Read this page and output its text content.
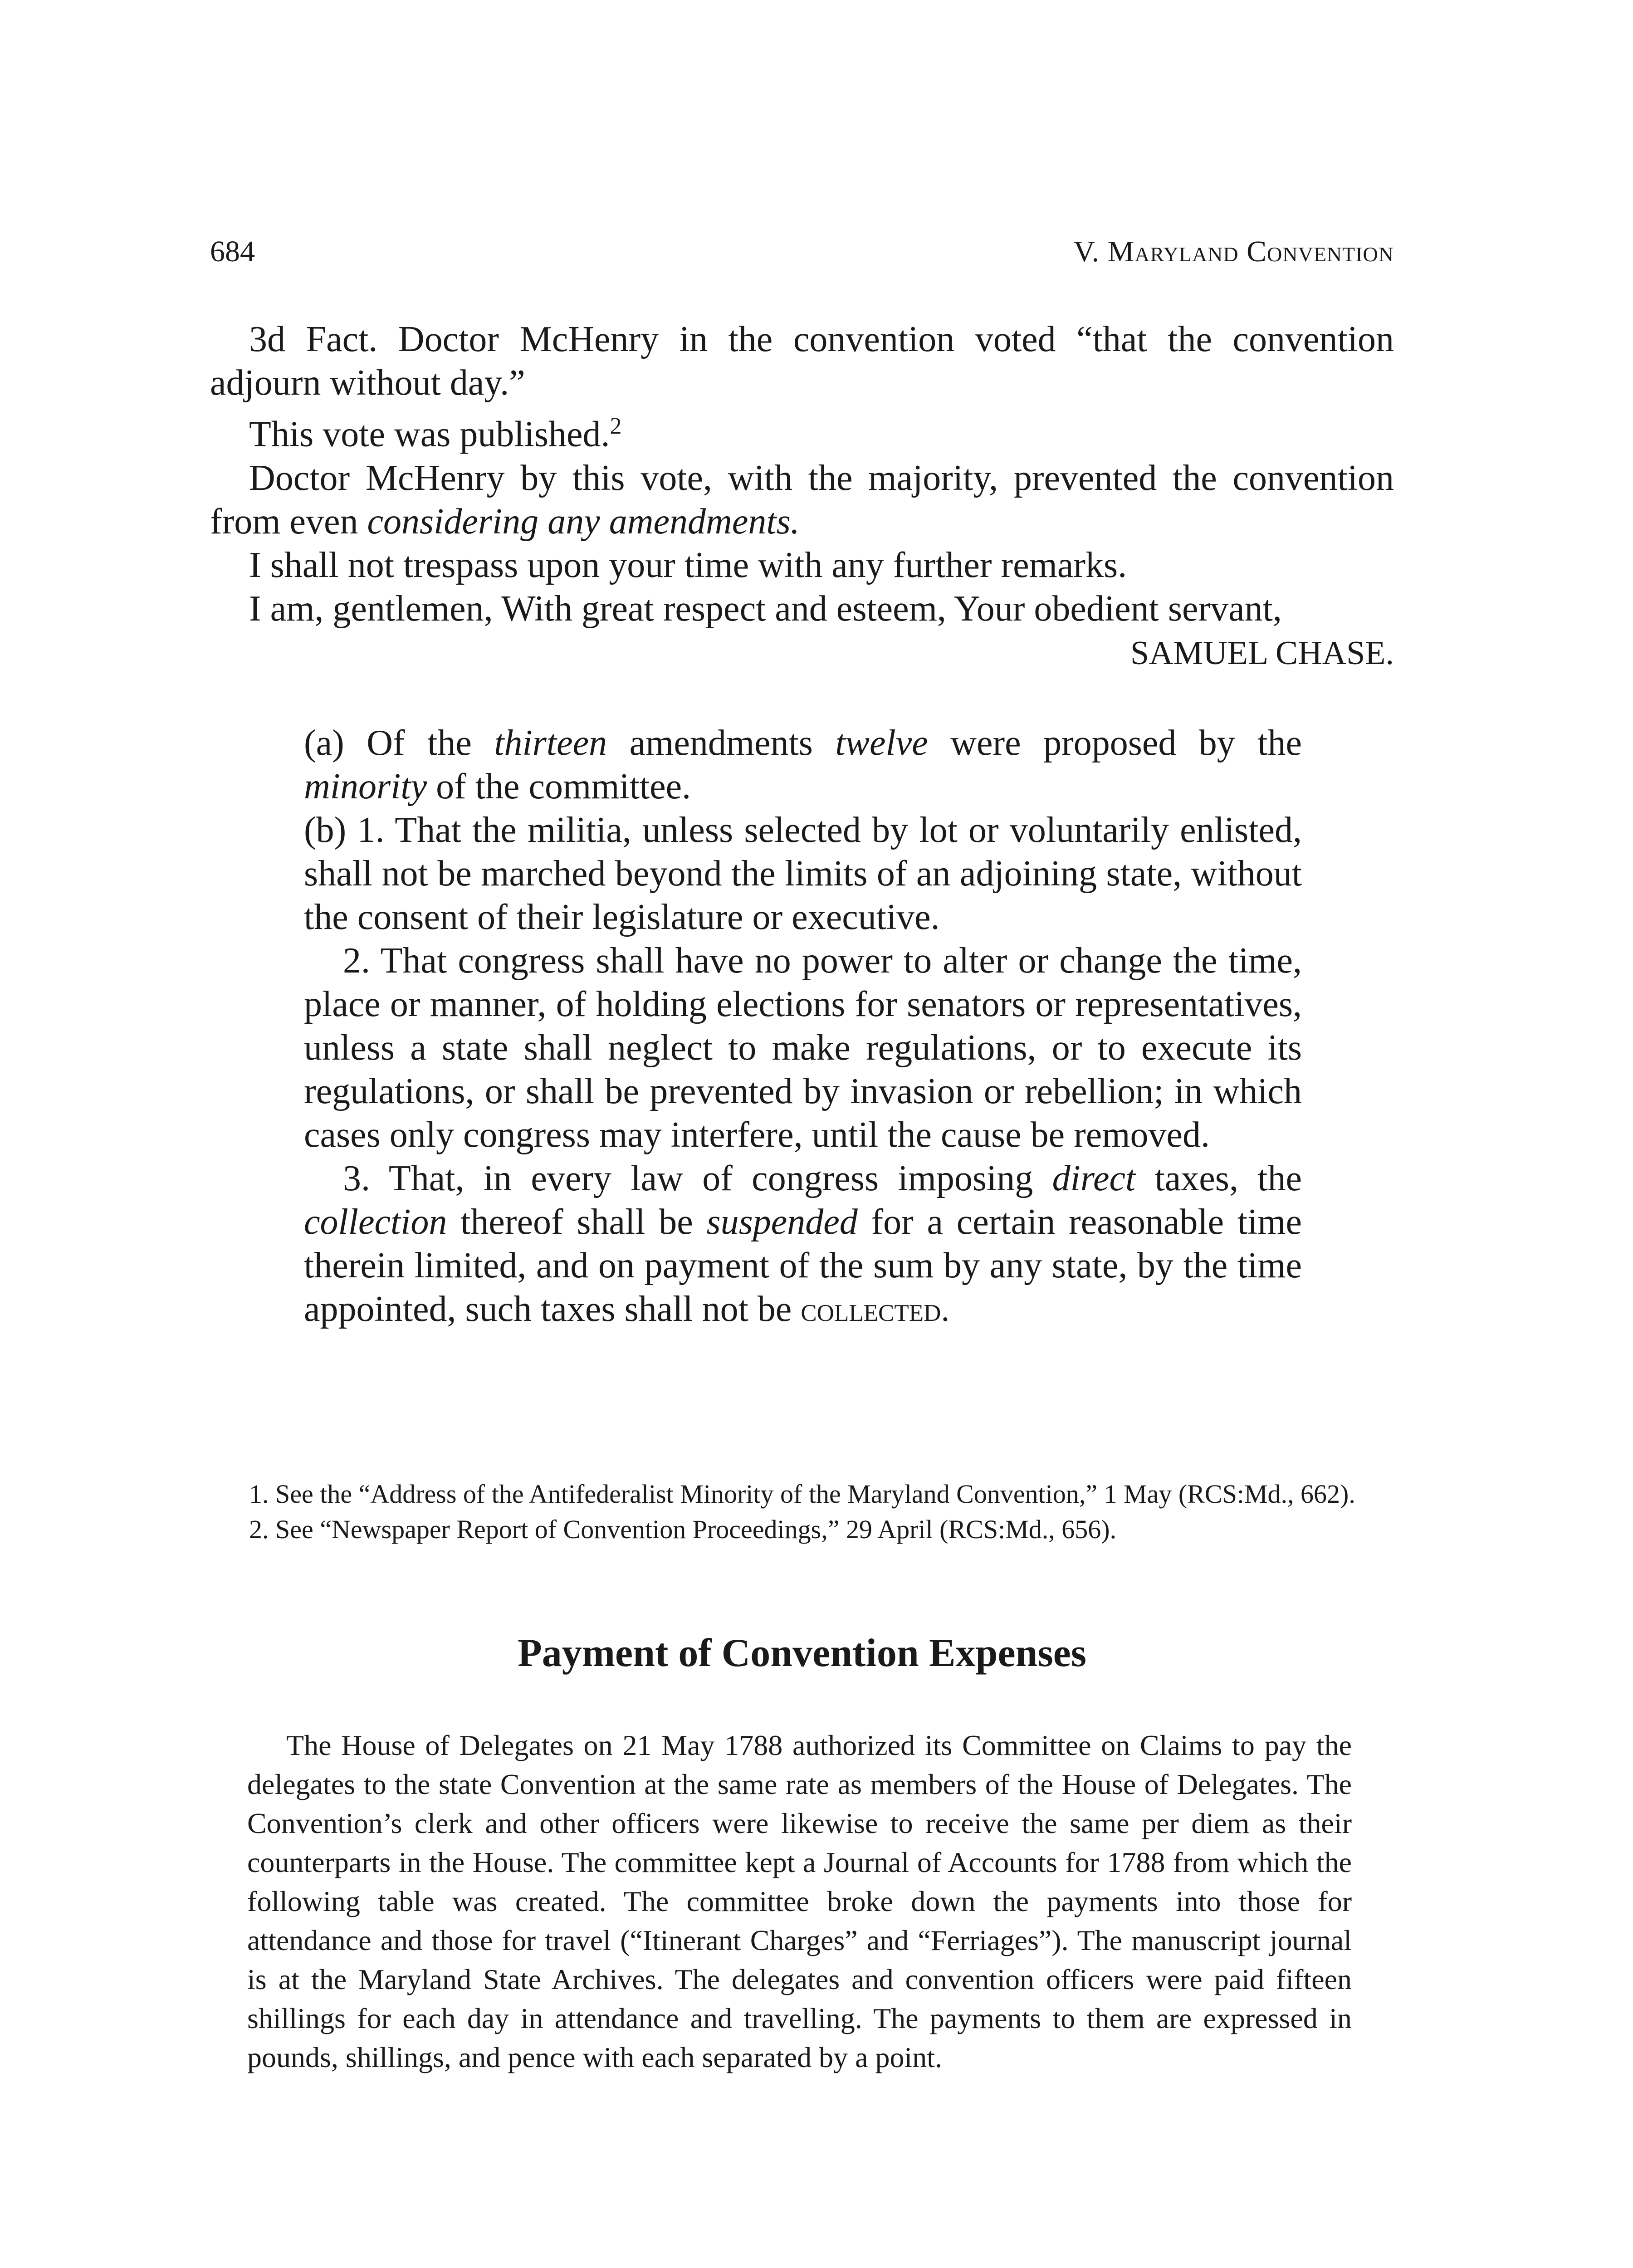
684	V. Maryland Convention

3d Fact. Doctor McHenry in the convention voted “that the convention adjourn without day.”

This vote was published.$^2$

Doctor McHenry by this vote, with the majority, prevented the convention from even considering any amendments.

I shall not trespass upon your time with any further remarks.

I am, gentlemen, With great respect and esteem, Your obedient servant,

SAMUEL CHASE.

(a) Of the thirteen amendments twelve were proposed by the minority of the committee.

(b) 1. That the militia, unless selected by lot or voluntarily enlisted, shall not be marched beyond the limits of an adjoining state, without the consent of their legislature or executive.

2. That congress shall have no power to alter or change the time, place or manner, of holding elections for senators or representatives, unless a state shall neglect to make regulations, or to execute its regulations, or shall be prevented by invasion or rebellion; in which cases only congress may interfere, until the cause be removed.

3. That, in every law of congress imposing direct taxes, the collection thereof shall be suspended for a certain reasonable time therein limited, and on payment of the sum by any state, by the time appointed, such taxes shall not be collected.

1. See the “Address of the Antifederalist Minority of the Maryland Convention,” 1 May (RCS:Md., 662).

2. See “Newspaper Report of Convention Proceedings,” 29 April (RCS:Md., 656).

Payment of Convention Expenses

The House of Delegates on 21 May 1788 authorized its Committee on Claims to pay the delegates to the state Convention at the same rate as members of the House of Delegates. The Convention’s clerk and other officers were likewise to receive the same per diem as their counterparts in the House. The committee kept a Journal of Accounts for 1788 from which the following table was created. The committee broke down the payments into those for attendance and those for travel (“Itinerant Charges” and “Ferriages”). The manuscript journal is at the Maryland State Archives. The delegates and convention officers were paid fifteen shillings for each day in attendance and travelling. The payments to them are expressed in pounds, shillings, and pence with each separated by a point.
